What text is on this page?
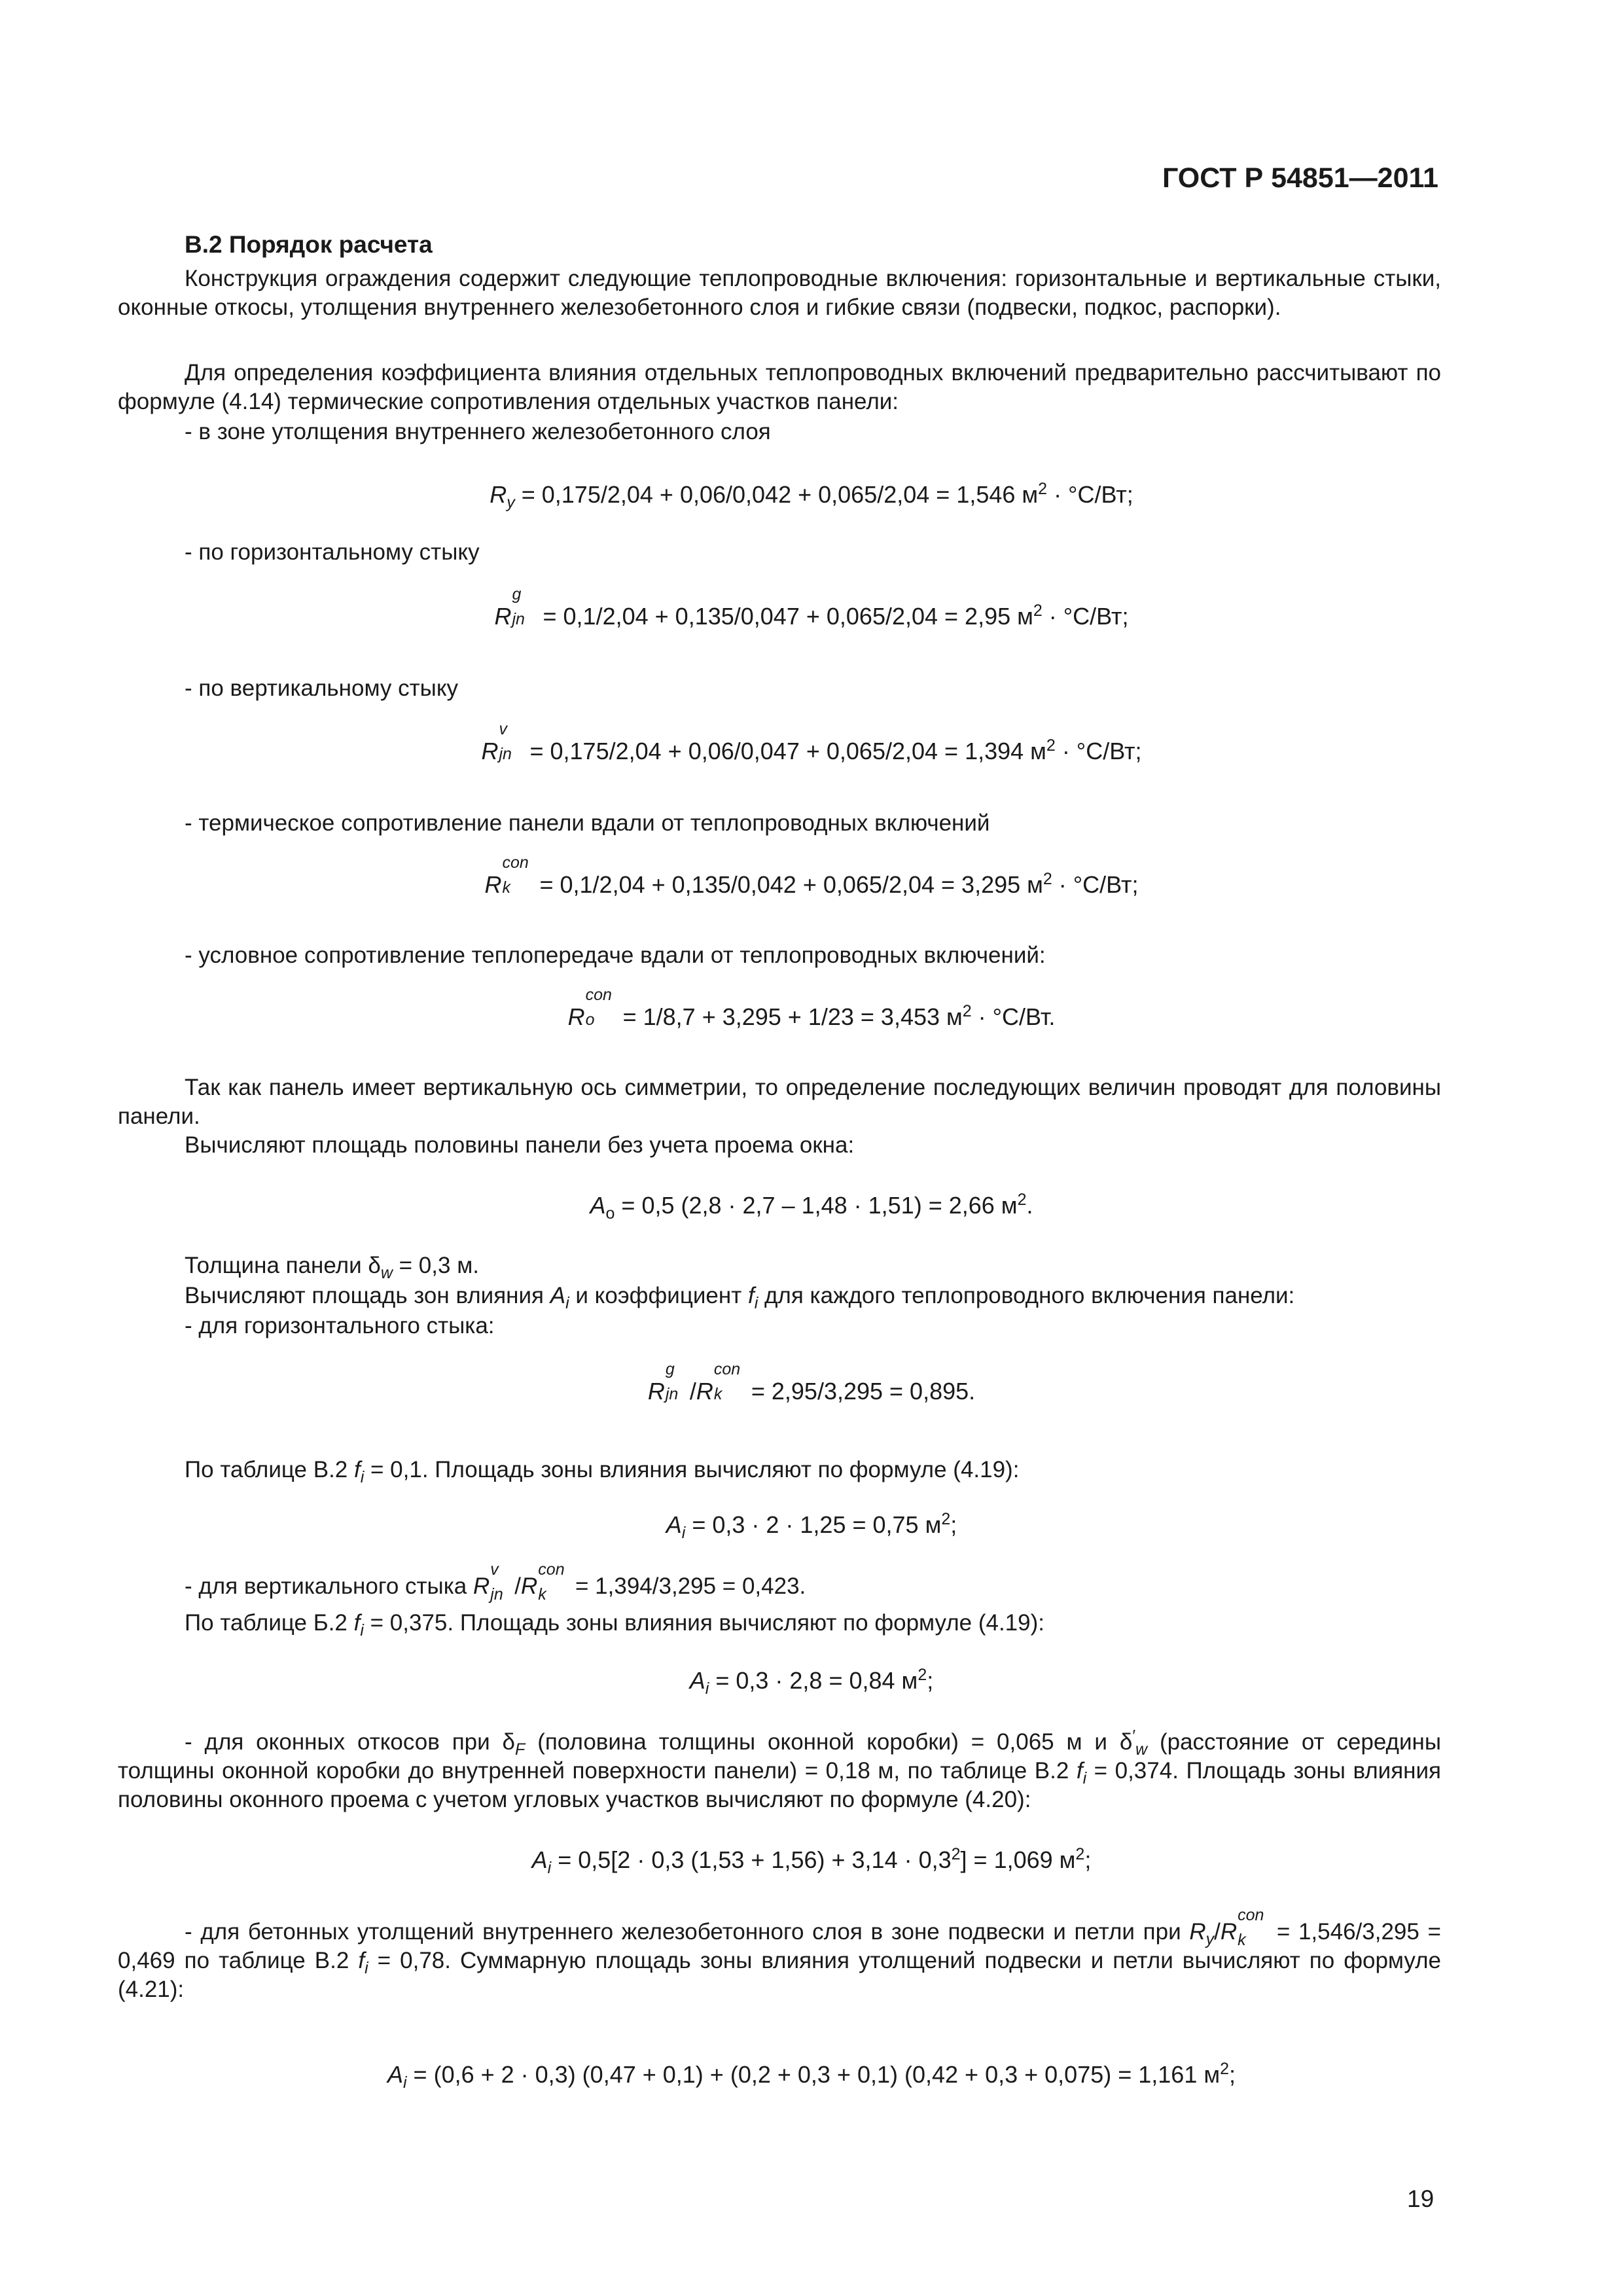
ГОСТ Р 54851—2011
В.2 Порядок расчета
Конструкция ограждения содержит следующие теплопроводные включения: горизонтальные и вертикальные стыки, оконные откосы, утолщения внутреннего железобетонного слоя и гибкие связи (подвески, подкос, распорки).
Для определения коэффициента влияния отдельных теплопроводных включений предварительно рассчитывают по формуле (4.14) термические сопротивления отдельных участков панели:
- в зоне утолщения внутреннего железобетонного слоя
$R_y = 0,175/2,04 + 0,06/0,042 + 0,065/2,04 = 1,546$ $м^2 \cdot ^\circ С/Вт$;
- по горизонтальному стыку
R
g
jn = 0,1/2,04 + 0,135/0,047 + 0,065/2,04 = 2,95 $м^2 \cdot ^\circ С/Вт$;
- по вертикальному стыку
R
v
jn = 0,175/2,04 + 0,06/0,047 + 0,065/2,04 = 1,394 $м^2 \cdot ^\circ С/Вт$;
- термическое сопротивление панели вдали от теплопроводных включений
R
con
k = 0,1/2,04 + 0,135/0,042 + 0,065/2,04 = 3,295 $м^2 \cdot ^\circ С/Вт$;
- условное сопротивление теплопередаче вдали от теплопроводных включений:
R
con
о = 1/8,7 + 3,295 + 1/23 = 3,453 $м^2 \cdot ^\circ С/Вт$.
Так как панель имеет вертикальную ось симметрии, то определение последующих величин проводят для половины панели.
Вычисляют площадь половины панели без учета проема окна:
$A_о = 0,5$ (2,8 · 2,7 – 1,48 · 1,51) = 2,66 $м^2$.
Толщина панели $\delta_w = 0,3$ м.
Вычисляют площадь зон влияния $A_i$ и коэффициент $f_i$ для каждого теплопроводного включения панели:
- для горизонтального стыка:
R
g
jn /R
con
k = 2,95/3,295 = 0,895.
По таблице В.2 $f_i = 0,1$. Площадь зоны влияния вычисляют по формуле (4.19):
$A_i = 0,3 \cdot 2 \cdot 1,25 = 0,75$ $м^2$;
- для вертикального стыка R
v
jn /R
con
k = 1,394/3,295 = 0,423.
По таблице Б.2 $f_i = 0,375$. Площадь зоны влияния вычисляют по формуле (4.19):
$A_i = 0,3 \cdot 2,8 = 0,84$ $м^2$;
- для оконных откосов при $\delta_F$ (половина толщины оконной коробки) = 0,065 м и $\delta'_w$ (расстояние от середины толщины оконной коробки до внутренней поверхности панели) = 0,18 м, по таблице В.2 $f_i = 0,374$. Площадь зоны влияния половины оконного проема с учетом угловых участков вычисляют по формуле (4.20):
$A_i = 0,5[2 \cdot 0,3$ $(1,53 + 1,56) + 3,14 \cdot 0,3^2] = 1,069$ $м^2$;
- для бетонных утолщений внутреннего железобетонного слоя в зоне подвески и петли при $R_y/R$
con
k = 1,546/3,295 = 0,469 по таблице В.2 $f_i = 0,78$. Суммарную площадь зоны влияния утолщений подвески и петли вычисляют по формуле (4.21):
$A_i = (0,6 + 2 \cdot 0,3) (0,47 + 0,1) + (0,2 + 0,3 + 0,1) (0,42 + 0,3 + 0,075) = 1,161$ $м^2$;
19
